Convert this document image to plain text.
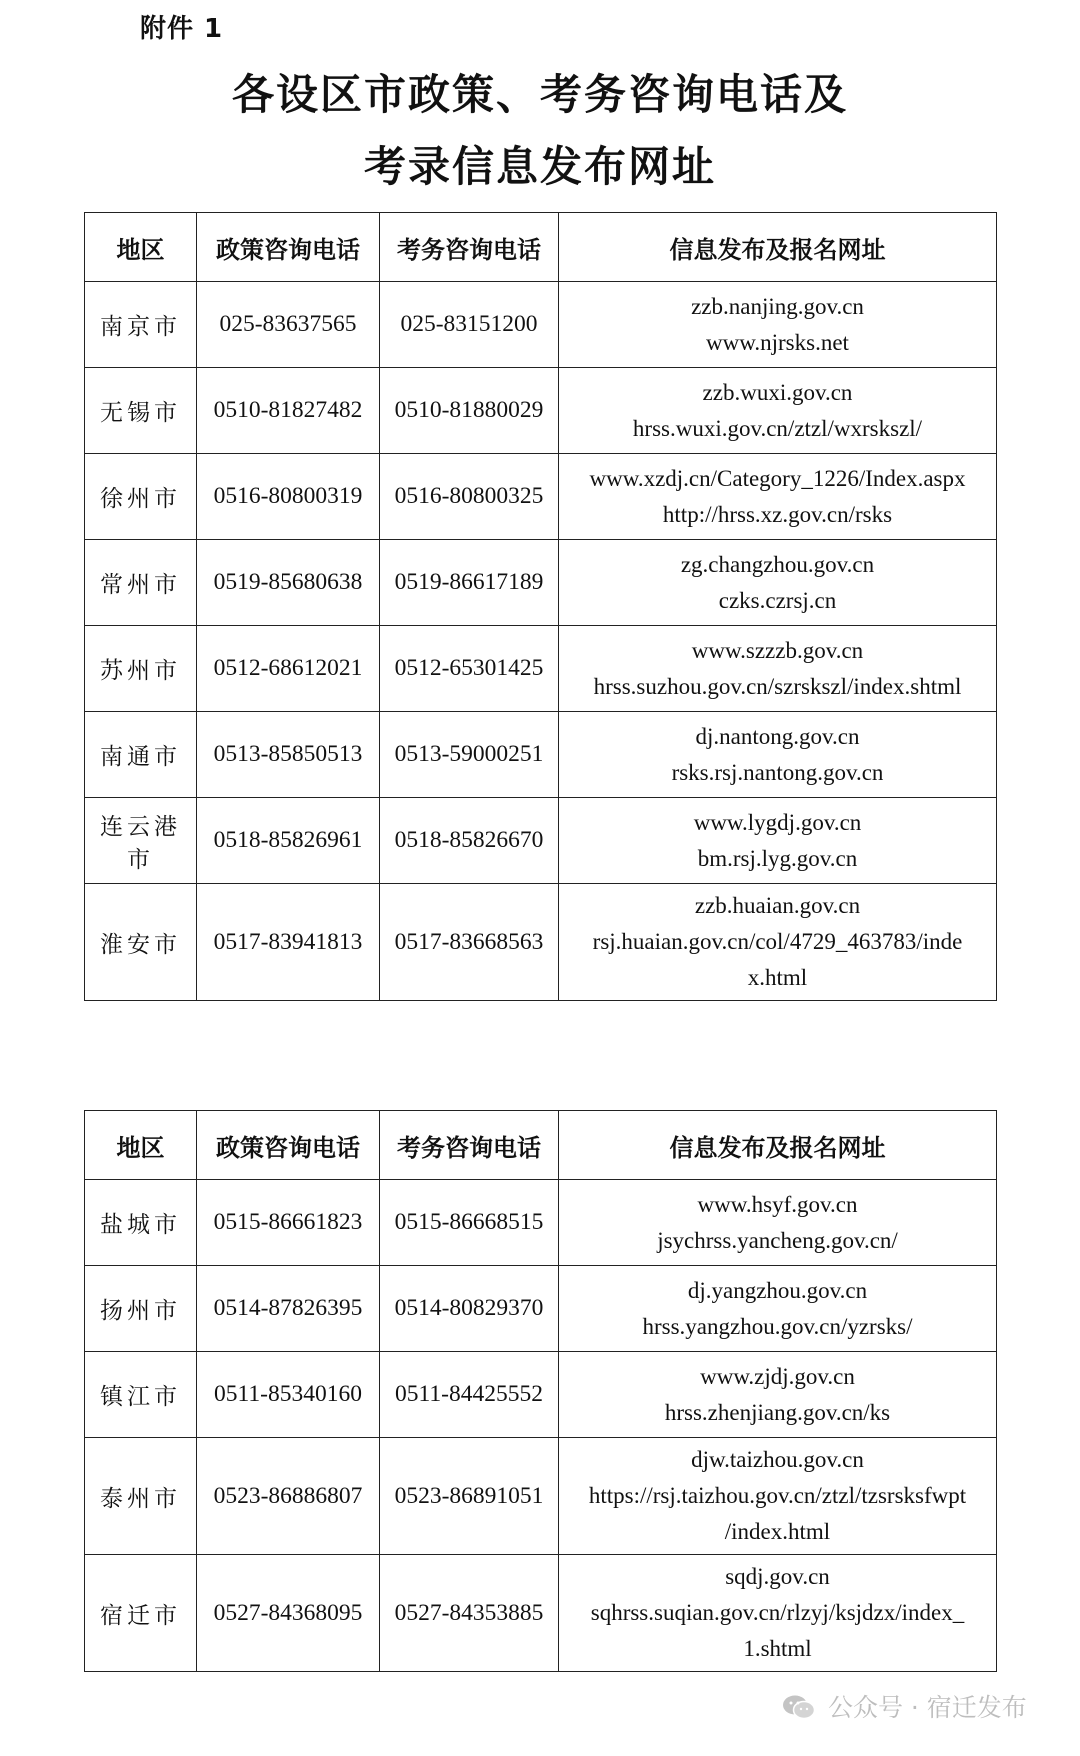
附件 1
各设区市政策、考务咨询电话及
考录信息发布网址
地区	政策咨询电话	考务咨询电话	信息发布及报名网址
南京市	025-83637565	025-83151200	zzb.nanjing.gov.cn
www.njrsks.net

无锡市	0510-81827482	0510-81880029	zzb.wuxi.gov.cn
hrss.wuxi.gov.cn/ztzl/wxrskszl/

徐州市	0516-80800319	0516-80800325	www.xzdj.cn/Category_1226/Index.aspx
http://hrss.xz.gov.cn/rsks

常州市	0519-85680638	0519-86617189	zg.changzhou.gov.cn
czks.czrsj.cn

苏州市	0512-68612021	0512-65301425	www.szzzb.gov.cn
hrss.suzhou.gov.cn/szrskszl/index.shtml

南通市	0513-85850513	0513-59000251	dj.nantong.gov.cn
rsks.rsj.nantong.gov.cn

连云港市	0518-85826961	0518-85826670	www.lygdj.gov.cn
bm.rsj.lyg.gov.cn

淮安市	0517-83941813	0517-83668563	zzb.huaian.gov.cn
rsj.huaian.gov.cn/col/4729_463783/inde
x.html
地区	政策咨询电话	考务咨询电话	信息发布及报名网址
盐城市	0515-86661823	0515-86668515	www.hsyf.gov.cn
jsychrss.yancheng.gov.cn/

扬州市	0514-87826395	0514-80829370	dj.yangzhou.gov.cn
hrss.yangzhou.gov.cn/yzrsks/

镇江市	0511-85340160	0511-84425552	www.zjdj.gov.cn
hrss.zhenjiang.gov.cn/ks

泰州市	0523-86886807	0523-86891051	djw.taizhou.gov.cn
https://rsj.taizhou.gov.cn/ztzl/tzsrsksfwpt
/index.html

宿迁市	0527-84368095	0527-84353885	sqdj.gov.cn
sqhrss.suqian.gov.cn/rlzyj/ksjdzx/index_
1.shtml
公众号 · 宿迁发布
